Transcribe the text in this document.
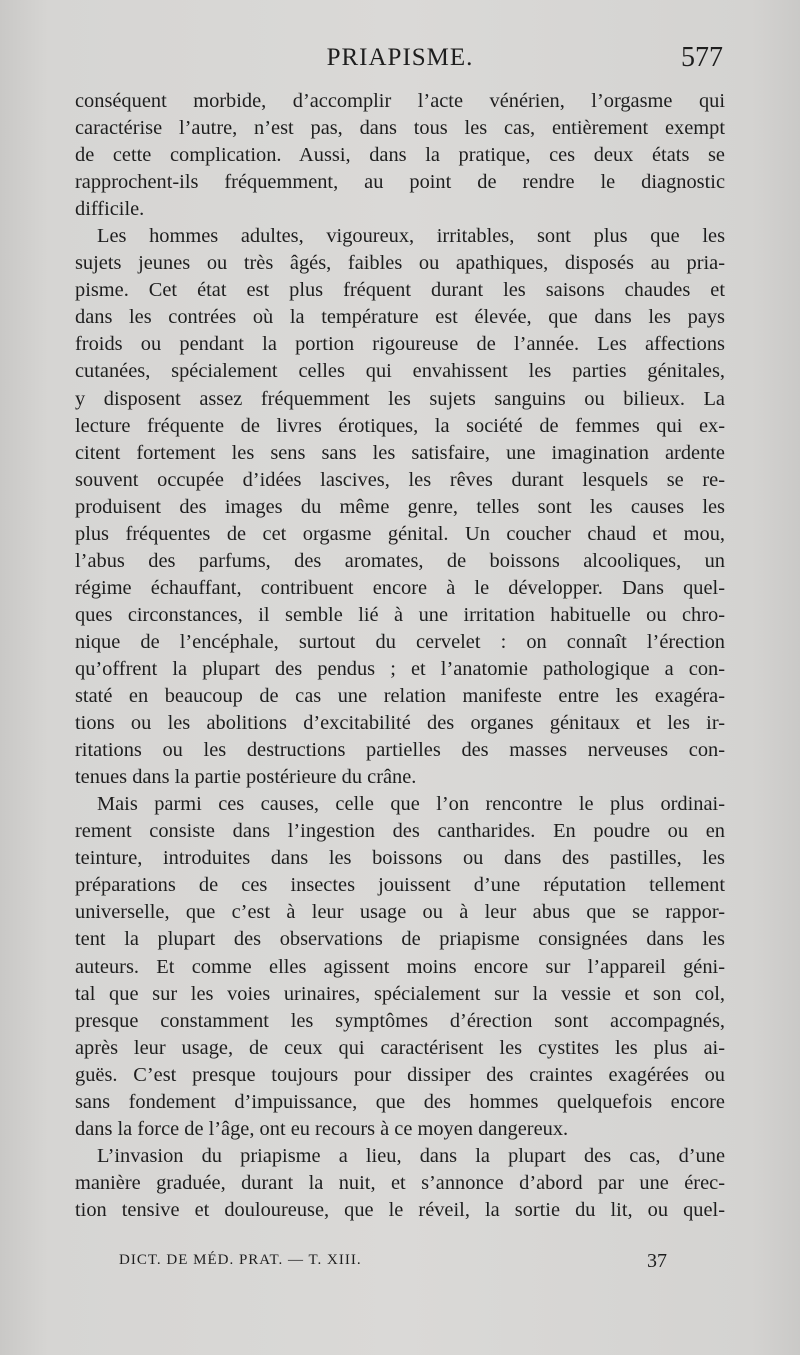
PRIAPISME.	577
conséquent morbide, d’accomplir l’acte vénérien, l’orgasme qui
caractérise l’autre, n’est pas, dans tous les cas, entièrement exempt
de cette complication. Aussi, dans la pratique, ces deux états se
rapprochent-ils fréquemment, au point de rendre le diagnostic
difficile.
Les hommes adultes, vigoureux, irritables, sont plus que les
sujets jeunes ou très âgés, faibles ou apathiques, disposés au pria-
pisme. Cet état est plus fréquent durant les saisons chaudes et
dans les contrées où la température est élevée, que dans les pays
froids ou pendant la portion rigoureuse de l’année. Les affections
cutanées, spécialement celles qui envahissent les parties génitales,
y disposent assez fréquemment les sujets sanguins ou bilieux. La
lecture fréquente de livres érotiques, la société de femmes qui ex-
citent fortement les sens sans les satisfaire, une imagination ardente
souvent occupée d’idées lascives, les rêves durant lesquels se re-
produisent des images du même genre, telles sont les causes les
plus fréquentes de cet orgasme génital. Un coucher chaud et mou,
l’abus des parfums, des aromates, de boissons alcooliques, un
régime échauffant, contribuent encore à le développer. Dans quel-
ques circonstances, il semble lié à une irritation habituelle ou chro-
nique de l’encéphale, surtout du cervelet : on connaît l’érection
qu’offrent la plupart des pendus ; et l’anatomie pathologique a con-
staté en beaucoup de cas une relation manifeste entre les exagéra-
tions ou les abolitions d’excitabilité des organes génitaux et les ir-
ritations ou les destructions partielles des masses nerveuses con-
tenues dans la partie postérieure du crâne.
Mais parmi ces causes, celle que l’on rencontre le plus ordinai-
rement consiste dans l’ingestion des cantharides. En poudre ou en
teinture, introduites dans les boissons ou dans des pastilles, les
préparations de ces insectes jouissent d’une réputation tellement
universelle, que c’est à leur usage ou à leur abus que se rappor-
tent la plupart des observations de priapisme consignées dans les
auteurs. Et comme elles agissent moins encore sur l’appareil géni-
tal que sur les voies urinaires, spécialement sur la vessie et son col,
presque constamment les symptômes d’érection sont accompagnés,
après leur usage, de ceux qui caractérisent les cystites les plus ai-
guës. C’est presque toujours pour dissiper des craintes exagérées ou
sans fondement d’impuissance, que des hommes quelquefois encore
dans la force de l’âge, ont eu recours à ce moyen dangereux.
L’invasion du priapisme a lieu, dans la plupart des cas, d’une
manière graduée, durant la nuit, et s’annonce d’abord par une érec-
tion tensive et douloureuse, que le réveil, la sortie du lit, ou quel-
DICT. DE MÉD. PRAT. — T. XIII.	37
